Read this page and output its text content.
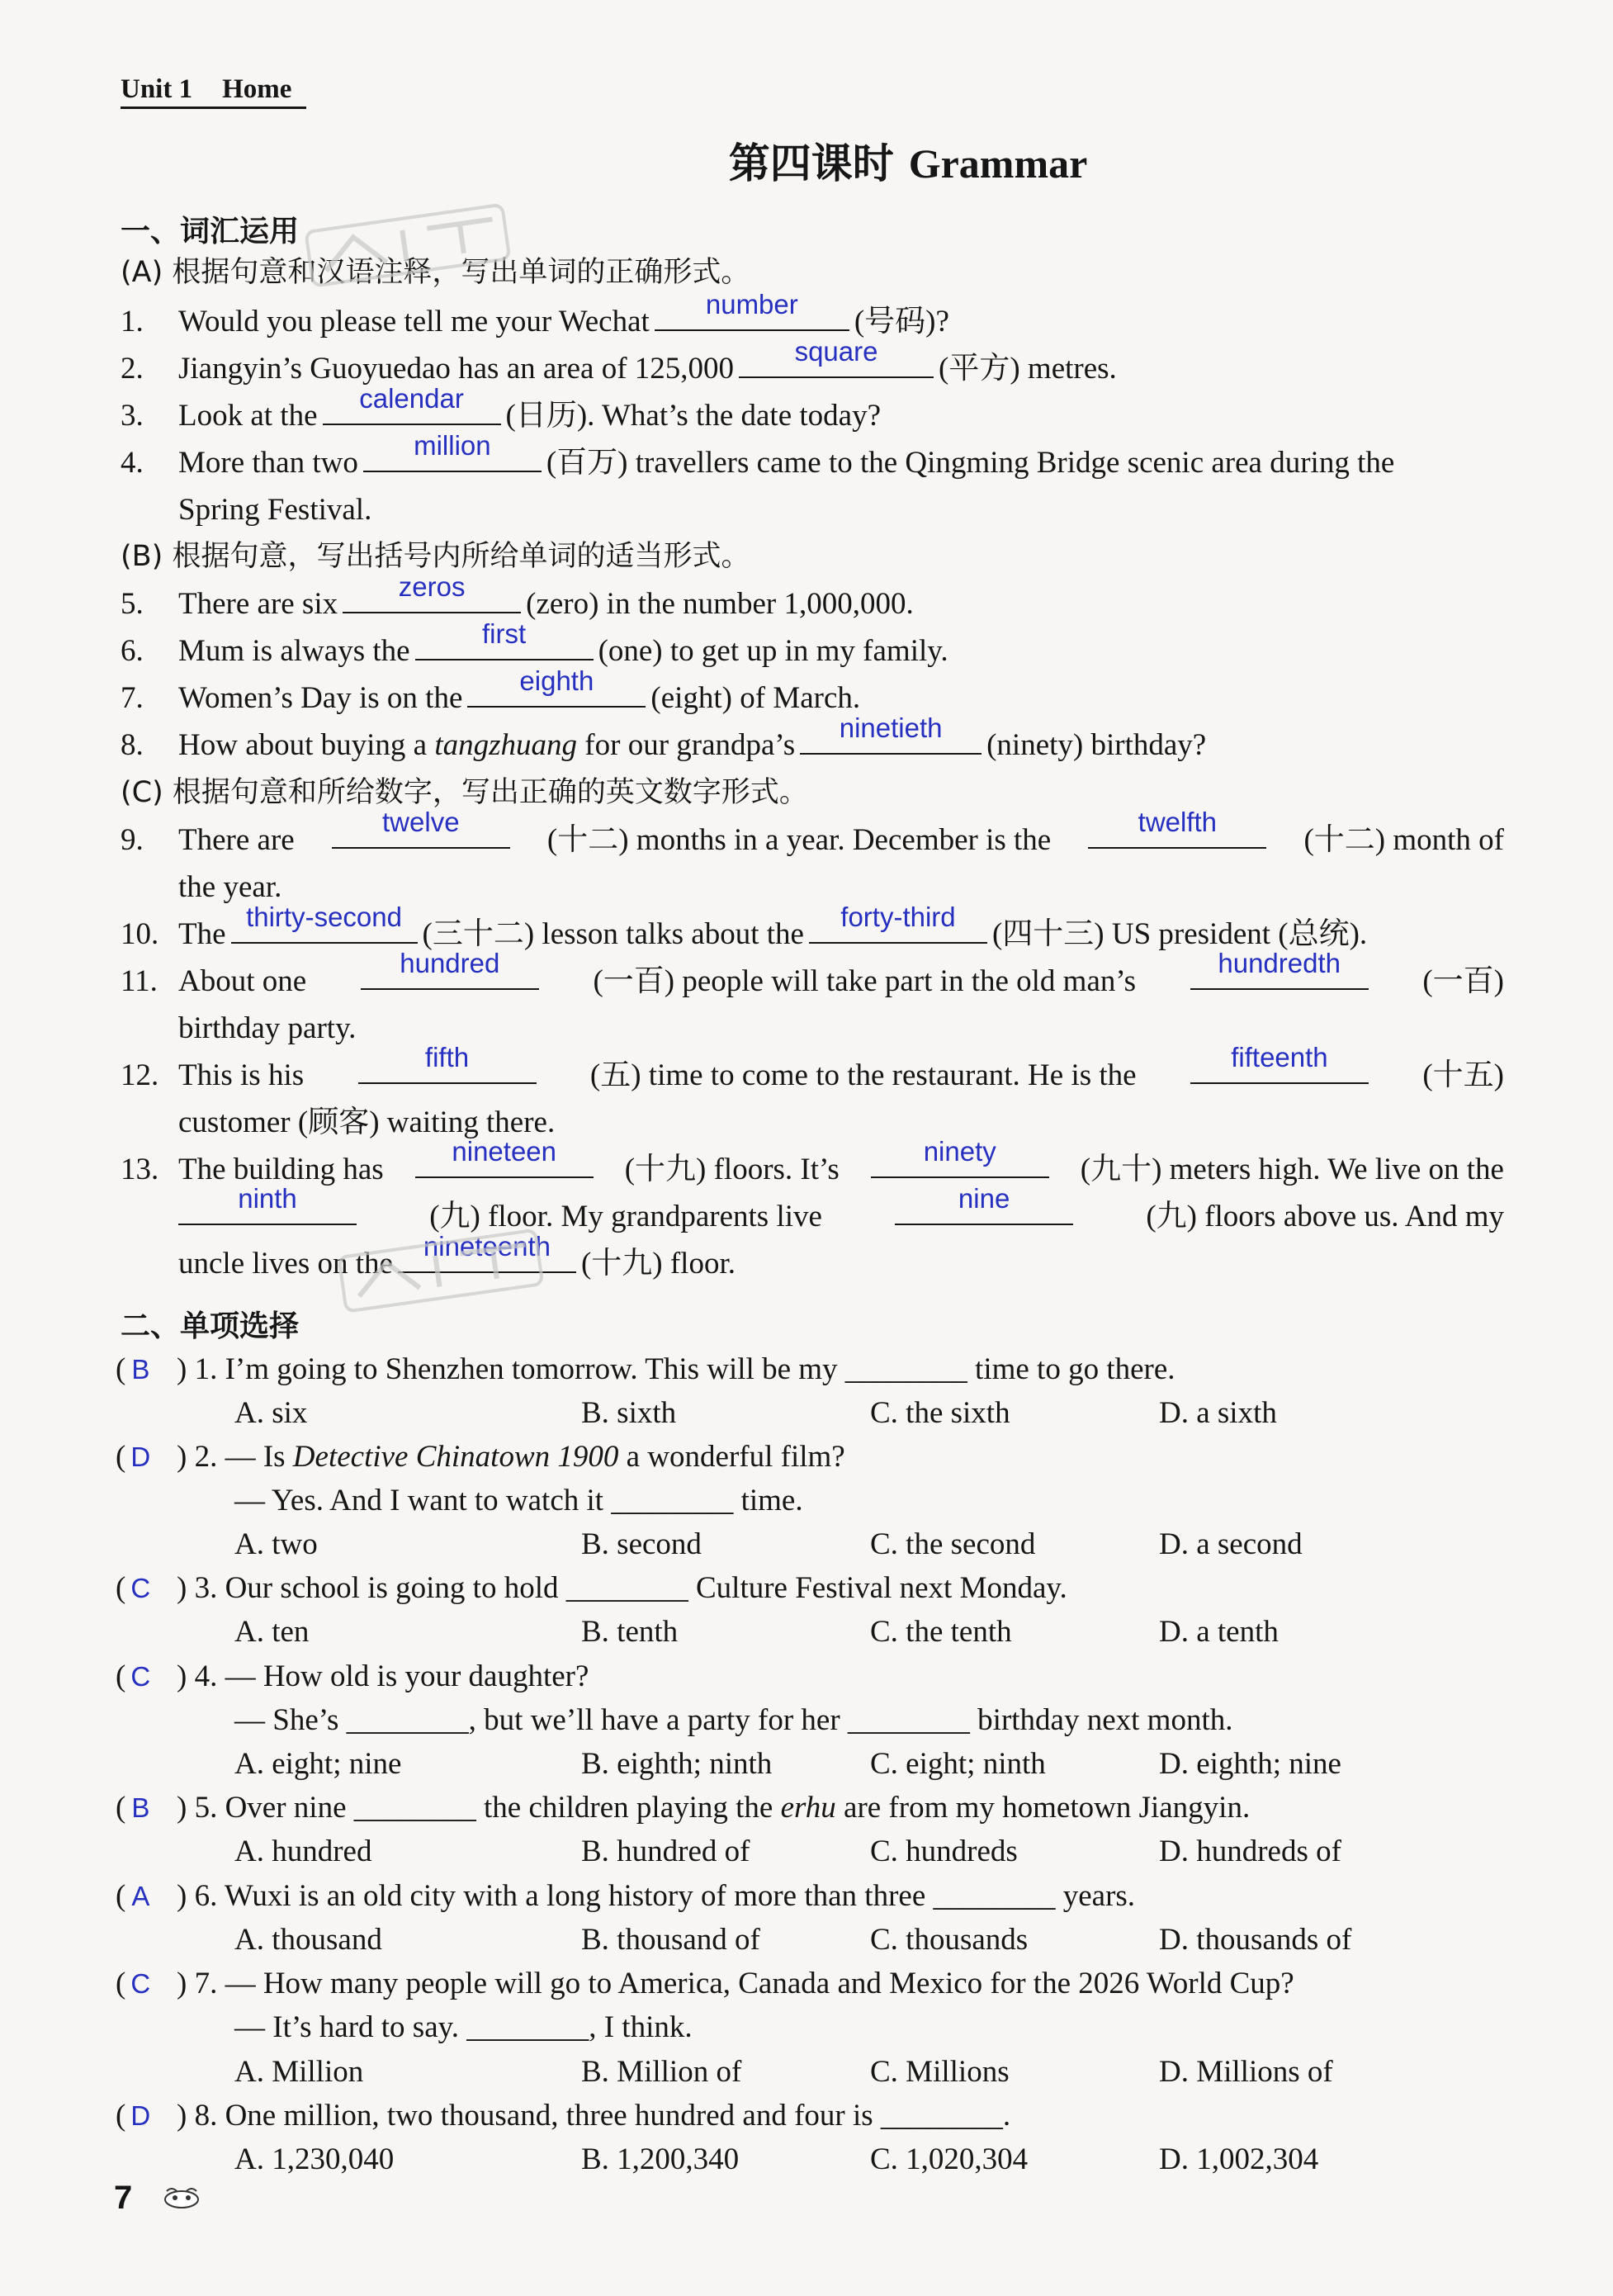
Unit 1 Home
第四课时 Grammar
一、词汇运用
(A) 根据句意和汉语注释，写出单词的正确形式。
1. Would you please tell me your Wechat
number
(号码)?
2. Jiangyin’s Guoyuedao has an area of 125,000
square
(平方) metres.
3. Look at the
calendar
(日历). What’s the date today?
4. More than two
million
(百万) travellers came to the Qingming Bridge scenic area during the
Spring Festival.
(B) 根据句意，写出括号内所给单词的适当形式。
5. There are six
zeros
(zero) in the number 1,000,000.
6. Mum is always the
first
(one) to get up in my family.
7. Women’s Day is on the
eighth
(eight) of March.
8. How about buying a tangzhuang for our grandpa’s
ninetieth
(ninety) birthday?
(C) 根据句意和所给数字，写出正确的英文数字形式。
9. There are
twelve
(十二) months in a year. December is the
twelfth
(十二) month of
the year.
10. The
thirty-second
(三十二) lesson talks about the
forty-third
(四十三) US president (总统).
11. About one
hundred
(一百) people will take part in the old man’s
hundredth
(一百)
birthday party.
12. This is his
fifth
(五) time to come to the restaurant. He is the
fifteenth
(十五)
customer (顾客) waiting there.
13. The building has
nineteen
(十九) floors. It’s
ninety
(九十) meters high. We live on the
ninth
(九) floor. My grandparents live
nine
(九) floors above us. And my
uncle lives on the
nineteenth
(十九) floor.
二、单项选择
( B ) 1. I’m going to Shenzhen tomorrow. This will be my ________ time to go there.
A. six	B. sixth	C. the sixth	D. a sixth
( D ) 2. — Is Detective Chinatown 1900 a wonderful film?
— Yes. And I want to watch it ________ time.
A. two	B. second	C. the second	D. a second
( C ) 3. Our school is going to hold ________ Culture Festival next Monday.
A. ten	B. tenth	C. the tenth	D. a tenth
( C ) 4. — How old is your daughter?
— She’s ________, but we’ll have a party for her ________ birthday next month.
A. eight; nine	B. eighth; ninth	C. eight; ninth	D. eighth; nine
( B ) 5. Over nine ________ the children playing the erhu are from my hometown Jiangyin.
A. hundred	B. hundred of	C. hundreds	D. hundreds of
( A ) 6. Wuxi is an old city with a long history of more than three ________ years.
A. thousand	B. thousand of	C. thousands	D. thousands of
( C ) 7. — How many people will go to America, Canada and Mexico for the 2026 World Cup?
— It’s hard to say. ________, I think.
A. Million	B. Million of	C. Millions	D. Millions of
( D ) 8. One million, two thousand, three hundred and four is ________.
A. 1,230,040	B. 1,200,340	C. 1,020,304	D. 1,002,304
7
